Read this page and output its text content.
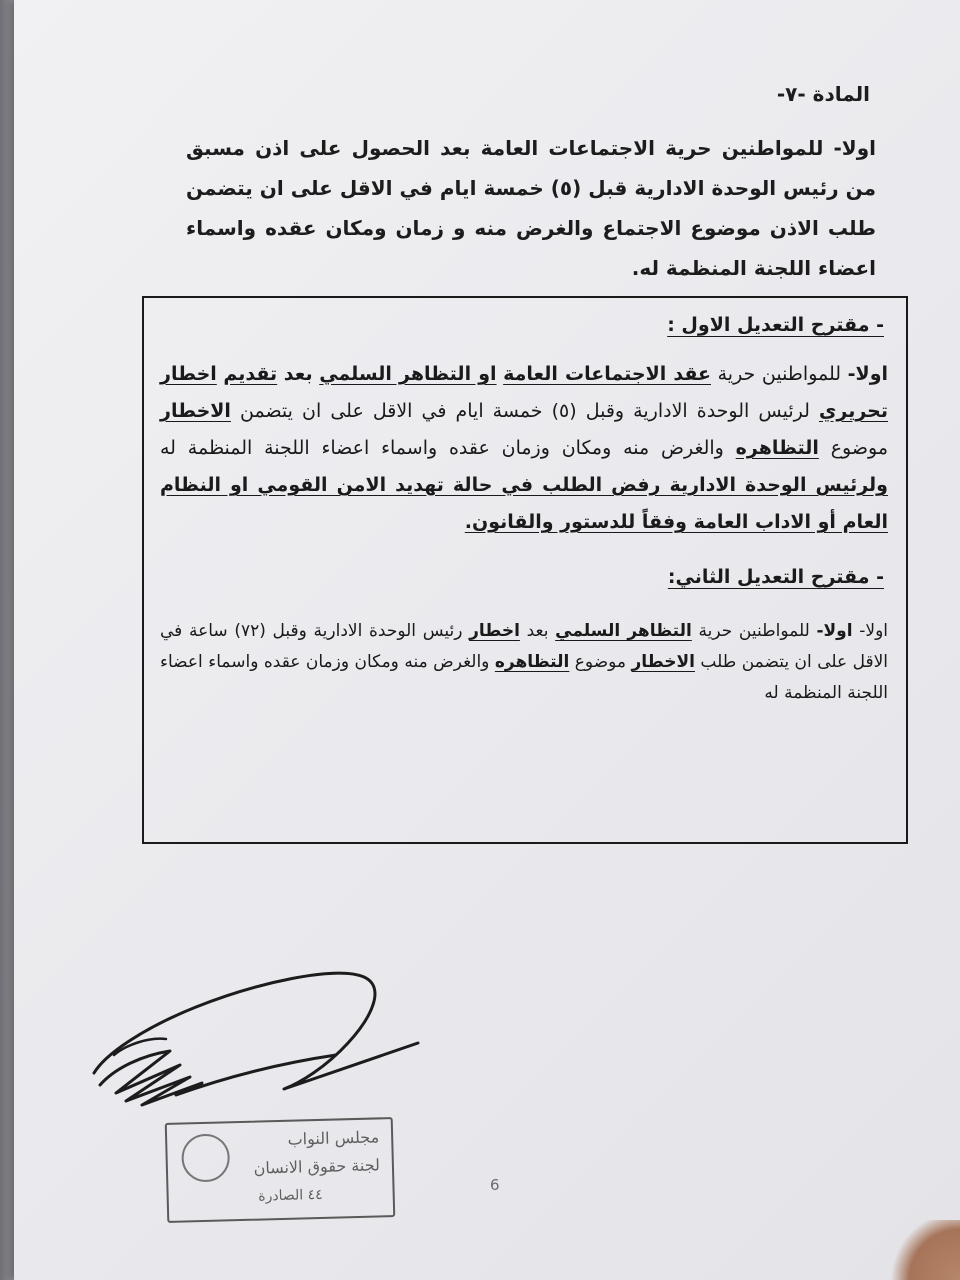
المادة -٧-
اولا- للمواطنين حرية الاجتماعات العامة بعد الحصول على اذن مسبق من رئيس الوحدة الادارية قبل (٥) خمسة ايام في الاقل على ان يتضمن طلب الاذن موضوع الاجتماع والغرض منه و زمان ومكان عقده واسماء اعضاء اللجنة المنظمة له.
- مقترح التعديل الاول :
اولا- للمواطنين حرية عقد الاجتماعات العامة او التظاهر السلمي بعد تقديم اخطار تحريري لرئيس الوحدة الادارية وقبل (٥) خمسة ايام في الاقل على ان يتضمن الاخطار موضوع التظاهره والغرض منه ومكان وزمان عقده واسماء اعضاء اللجنة المنظمة له ولرئيس الوحدة الادارية رفض الطلب في حالة تهديد الامن القومي او النظام العام أو الاداب العامة وفقاً للدستور والقانون.
- مقترح التعديل الثاني:
اولا- اولا- للمواطنين حرية التظاهر السلمي بعد اخطار رئيس الوحدة الادارية وقبل (٧٢) ساعة في الاقل على ان يتضمن طلب الاخطار موضوع التظاهره والغرض منه ومكان وزمان عقده واسماء اعضاء اللجنة المنظمة له
مجلس النواب
لجنة حقوق الانسان
٤٤ الصادرة
6
